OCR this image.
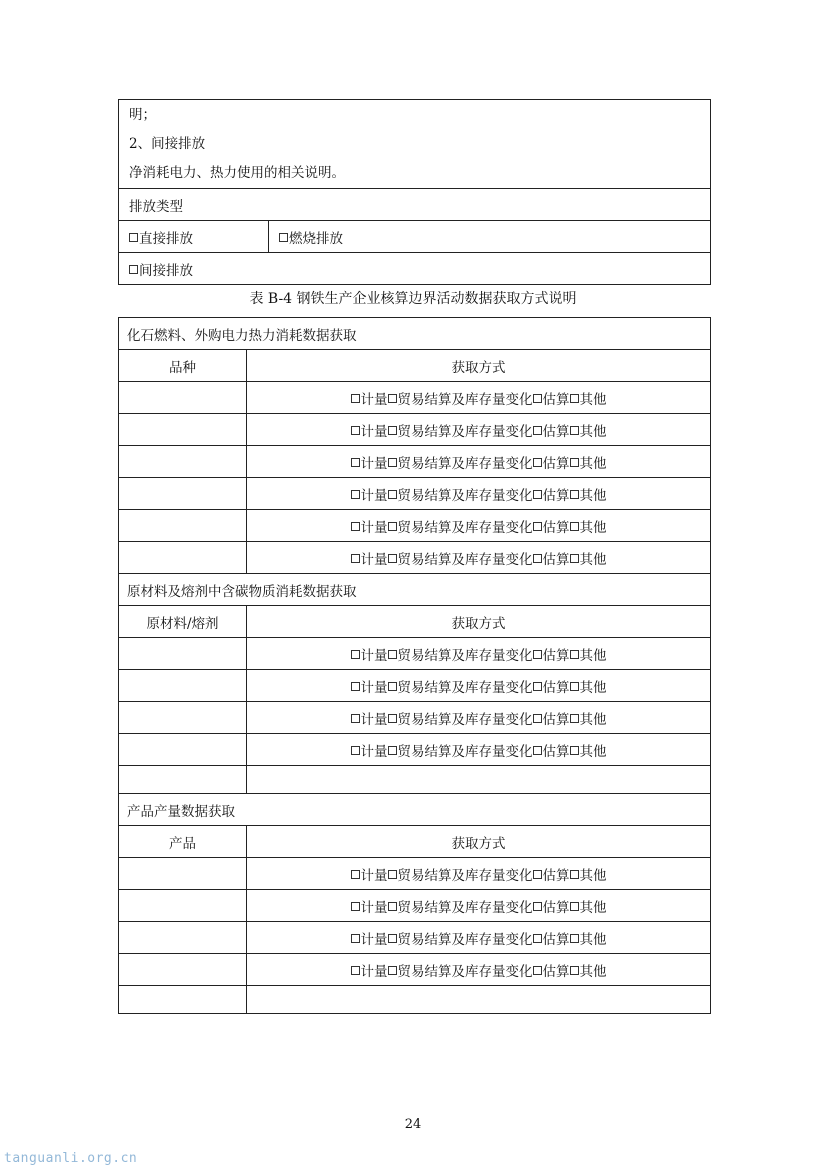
明；
2、间接排放
净消耗电力、热力使用的相关说明。

排放类型
直接排放	燃烧排放
间接排放
表 B-4 钢铁生产企业核算边界活动数据获取方式说明
化石燃料、外购电力热力消耗数据获取	
品种	获取方式
	计量 贸易结算及库存量变化 估算 其他
	计量 贸易结算及库存量变化 估算 其他
	计量 贸易结算及库存量变化 估算 其他
	计量 贸易结算及库存量变化 估算 其他
	计量 贸易结算及库存量变化 估算 其他
	计量 贸易结算及库存量变化 估算 其他
原材料及熔剂中含碳物质消耗数据获取	
原材料/熔剂	获取方式
	计量 贸易结算及库存量变化 估算 其他
	计量 贸易结算及库存量变化 估算 其他
	计量 贸易结算及库存量变化 估算 其他
	计量 贸易结算及库存量变化 估算 其他

产品产量数据获取	
产品	获取方式
	计量 贸易结算及库存量变化 估算 其他
	计量 贸易结算及库存量变化 估算 其他
	计量 贸易结算及库存量变化 估算 其他
	计量 贸易结算及库存量变化 估算 其他

24
tanguanli.org.cn
